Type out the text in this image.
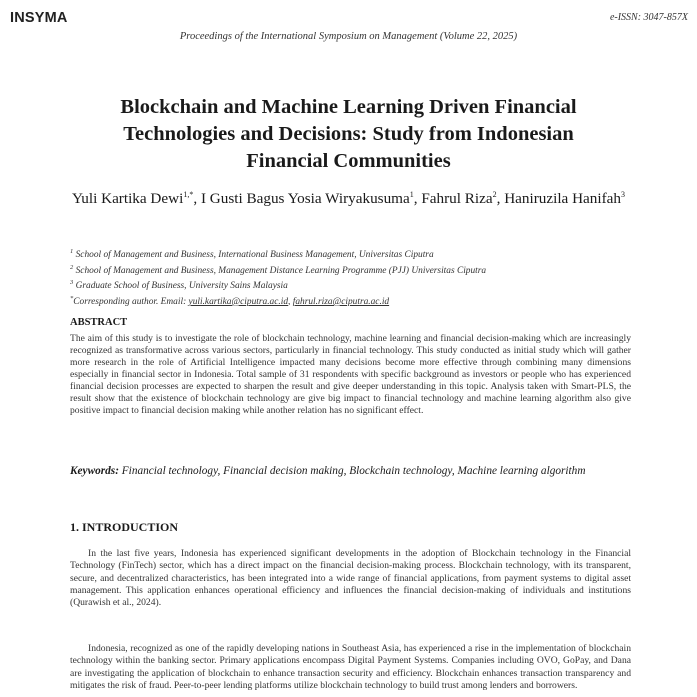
INSYMA	e-ISSN: 3047-857X
Proceedings of the International Symposium on Management (Volume 22, 2025)
Blockchain and Machine Learning Driven Financial
Technologies and Decisions: Study from Indonesian
Financial Communities
Yuli Kartika Dewi$^{1,*}$, I Gusti Bagus Yosia Wiryakusuma$^1$, Fahrul Riza$^2$, Haniruzila Hanifah$^3$
$^1$ School of Management and Business, International Business Management, Universitas Ciputra
$^2$ School of Management and Business, Management Distance Learning Programme (PJJ) Universitas Ciputra
$^3$ Graduate School of Business, University Sains Malaysia
*Corresponding author. Email: yuli.kartika@ciputra.ac.id, fahrul.riza@ciputra.ac.id
ABSTRACT

The aim of this study is to investigate the role of blockchain technology, machine learning and financial decision-making which are increasingly recognized as transformative across various sectors, particularly in financial technology. This study conducted as initial study which will gather more research in the role of Artificial Intelligence impacted many decisions become more effective through combining many dimensions especially in financial sector in Indonesia. Total sample of 31 respondents with specific background as investors or people who has experienced financial decision processes are expected to sharpen the result and give deeper understanding in this topic. Analysis taken with Smart-PLS, the result show that the existence of blockchain technology are give big impact to financial technology and machine learning algorithm also give positive impact to financial decision making while another relation has no significant effect.

Keywords: Financial technology, Financial decision making, Blockchain technology, Machine learning algorithm

1. INTRODUCTION

In the last five years, Indonesia has experienced significant developments in the adoption of Blockchain technology in the Financial Technology (FinTech) sector, which has a direct impact on the financial decision-making process. Blockchain technology, with its transparent, secure, and decentralized characteristics, has been integrated into a wide range of financial applications, from payment systems to digital asset management. This application enhances operational efficiency and influences the financial decision-making of individuals and institutions (Qurawish et al., 2024).

Indonesia, recognized as one of the rapidly developing nations in Southeast Asia, has experienced a rise in the implementation of blockchain technology within the banking sector. Primary applications encompass Digital Payment Systems. Companies including OVO, GoPay, and Dana are investigating the application of blockchain to enhance transaction security and efficiency. Blockchain enhances transaction transparency and mitigates the risk of fraud. Peer-to-peer lending platforms utilize blockchain technology to build trust among lenders and borrowers.
